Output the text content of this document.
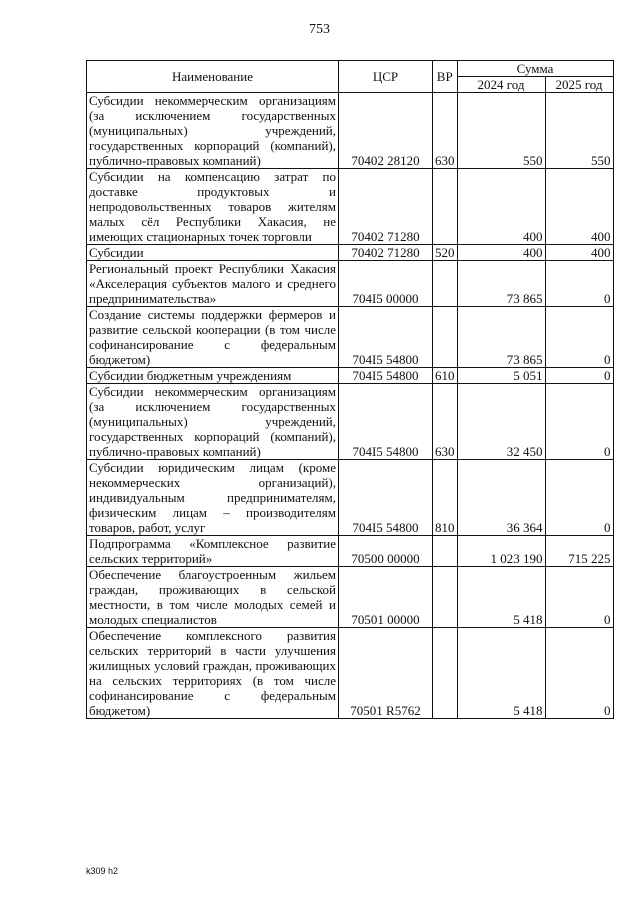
753
Наименование	ЦСР	ВР	Сумма	
			2024 год	2025 год
Субсидии некоммерческим организациям (за исключением государственных (муниципальных) учреждений, государственных корпораций (компаний), публично-правовых компаний)	70402 28120	630	550	550
Субсидии на компенсацию затрат по доставке продуктовых и непродовольственных товаров жителям малых сёл Республики Хакасия, не имеющих стационарных точек торговли	70402 71280		400	400
Субсидии	70402 71280	520	400	400
Региональный проект Республики Хакасия «Акселерация субъектов малого и среднего предпринимательства»	704I5 00000		73 865	0
Создание системы поддержки фермеров и развитие сельской кооперации (в том числе софинансирование с федеральным бюджетом)	704I5 54800		73 865	0
Субсидии бюджетным учреждениям	704I5 54800	610	5 051	0
Субсидии некоммерческим организациям (за исключением государственных (муниципальных) учреждений, государственных корпораций (компаний), публично-правовых компаний)	704I5 54800	630	32 450	0
Субсидии юридическим лицам (кроме некоммерческих организаций), индивидуальным предпринимателям, физическим лицам – производителям товаров, работ, услуг	704I5 54800	810	36 364	0
Подпрограмма «Комплексное развитие сельских территорий»	70500 00000		1 023 190	715 225
Обеспечение благоустроенным жильем граждан, проживающих в сельской местности, в том числе молодых семей и молодых специалистов	70501 00000		5 418	0
Обеспечение комплексного развития сельских территорий в части улучшения жилищных условий граждан, проживающих на сельских территориях (в том числе софинансирование с федеральным бюджетом)	70501 R5762		5 418	0
k309 h2
